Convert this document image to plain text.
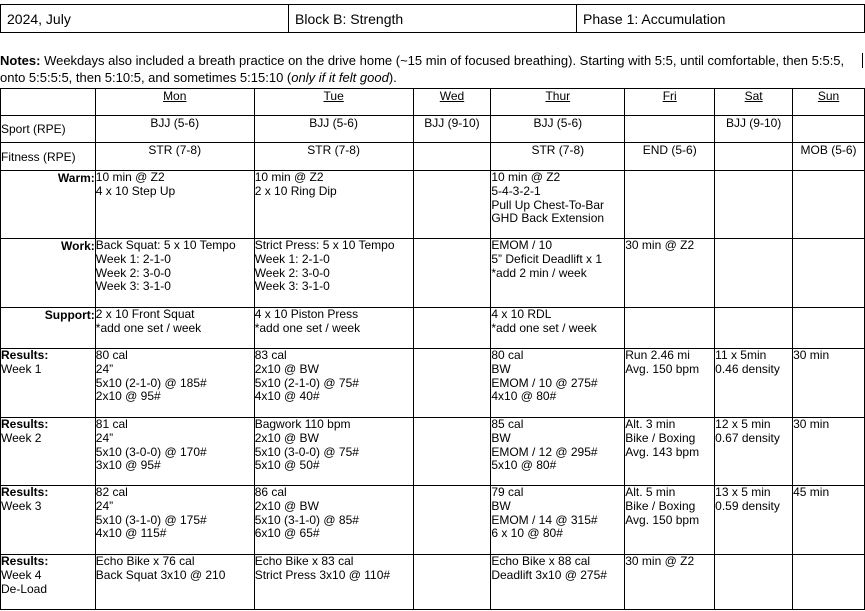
2024, July	Block B: Strength	Phase 1: Accumulation
Notes: Weekdays also included a breath practice on the drive home (~15 min of focused breathing). Starting with 5:5, until comfortable, then 5:5:5,
onto 5:5:5:5, then 5:10:5, and sometimes 5:15:10 (only if it felt good).
	Mon	Tue	Wed	Thur	Fri	Sat	Sun
Sport (RPE)	BJJ (5-6)	BJJ (5-6)	BJJ (9-10)	BJJ (5-6)		BJJ (9-10)	
Fitness (RPE)	STR (7-8)	STR (7-8)		STR (7-8)	END (5-6)		MOB (5-6)
Warm:	10 min @ Z2
4 x 10 Step Up	10 min @ Z2
2 x 10 Ring Dip		10 min @ Z2
5-4-3-2-1
Pull Up Chest-To-Bar
GHD Back Extension			

Work:	Back Squat: 5 x 10 Tempo
Week 1: 2-1-0
Week 2: 3-0-0
Week 3: 3-1-0	Strict Press: 5 x 10 Tempo
Week 1: 2-1-0
Week 2: 3-0-0
Week 3: 3-1-0		EMOM / 10
5” Deficit Deadlift x 1
*add 2 min / week	30 min @ Z2		

Support:	2 x 10 Front Squat
*add one set / week	4 x 10 Piston Press
*add one set / week		4 x 10 RDL
*add one set / week			

Results:
Week 1	80 cal
24”
5x10 (2-1-0) @ 185#
2x10 @ 95#	83 cal
2x10 @ BW
5x10 (2-1-0) @ 75#
4x10 @ 40#		80 cal
BW
EMOM / 10 @ 275#
4x10 @ 80#	Run 2.46 mi
Avg. 150 bpm	11 x 5min
0.46 density	30 min

Results:
Week 2	81 cal
24”
5x10 (3-0-0) @ 170#
3x10 @ 95#	Bagwork 110 bpm
2x10 @ BW
5x10 (3-0-0) @ 75#
5x10 @ 50#		85 cal
BW
EMOM / 12 @ 295#
5x10 @ 80#	Alt. 3 min
Bike / Boxing
Avg. 143 bpm	12 x 5 min
0.67 density	30 min

Results:
Week 3	82 cal
24”
5x10 (3-1-0) @ 175#
4x10 @ 115#	86 cal
2x10 @ BW
5x10 (3-1-0) @ 85#
6x10 @ 65#		79 cal
BW
EMOM / 14 @ 315#
6 x 10 @ 80#	Alt. 5 min
Bike / Boxing
Avg. 150 bpm	13 x 5 min
0.59 density	45 min

Results:
Week 4
De-Load	Echo Bike x 76 cal
Back Squat 3x10 @ 210	Echo Bike x 83 cal
Strict Press 3x10 @ 110#		Echo Bike x 88 cal
Deadlift 3x10 @ 275#	30 min @ Z2		
